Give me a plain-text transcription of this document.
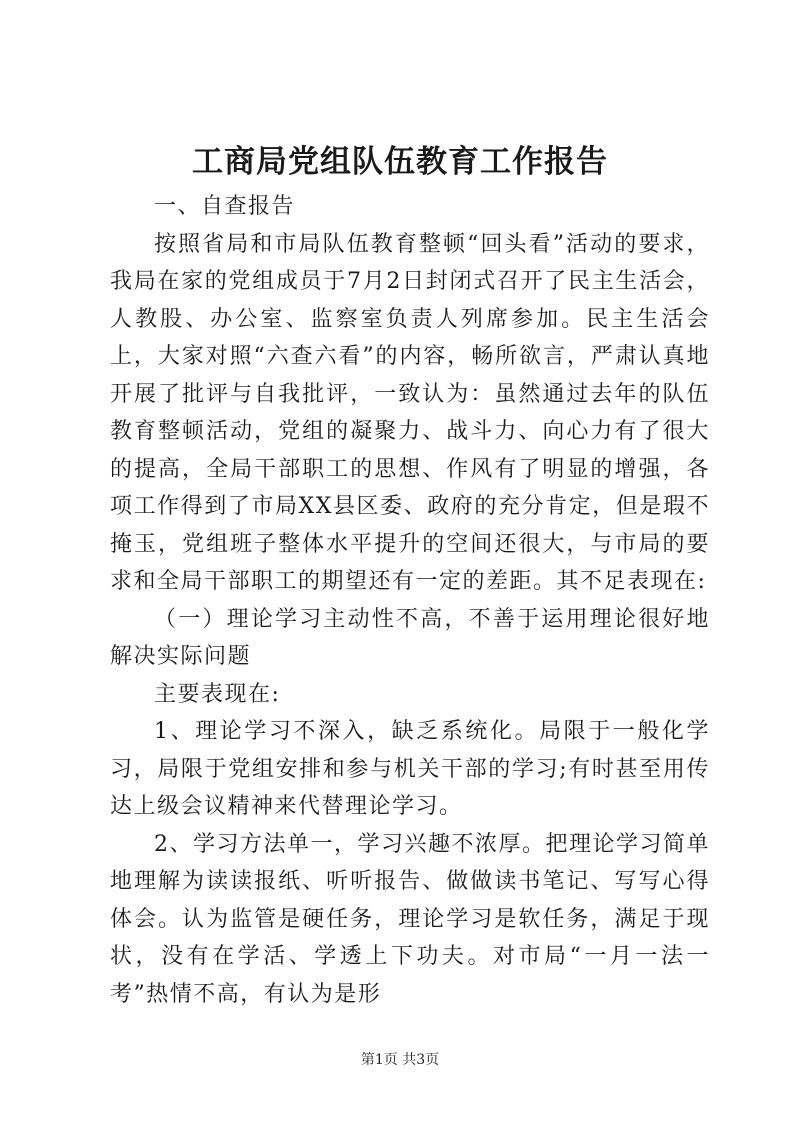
工商局党组队伍教育工作报告

一、自查报告

按照省局和市局队伍教育整顿“回头看”活动的要求，我局在家的党组成员于7月2日封闭式召开了民主生活会，人教股、办公室、监察室负责人列席参加。民主生活会上，大家对照“六查六看”的内容，畅所欲言，严肃认真地开展了批评与自我批评，一致认为：虽然通过去年的队伍教育整顿活动，党组的凝聚力、战斗力、向心力有了很大的提高，全局干部职工的思想、作风有了明显的增强，各项工作得到了市局XX县区委、政府的充分肯定，但是瑕不掩玉，党组班子整体水平提升的空间还很大，与市局的要求和全局干部职工的期望还有一定的差距。其不足表现在:

（一）理论学习主动性不高，不善于运用理论很好地解决实际问题

主要表现在:

1、理论学习不深入，缺乏系统化。局限于一般化学习，局限于党组安排和参与机关干部的学习;有时甚至用传达上级会议精神来代替理论学习。

2、学习方法单一，学习兴趣不浓厚。把理论学习简单地理解为读读报纸、听听报告、做做读书笔记、写写心得体会。认为监管是硬任务，理论学习是软任务，满足于现状，没有在学活、学透上下功夫。对市局“一月一法一考”热情不高，有认为是形

第1页 共3页
